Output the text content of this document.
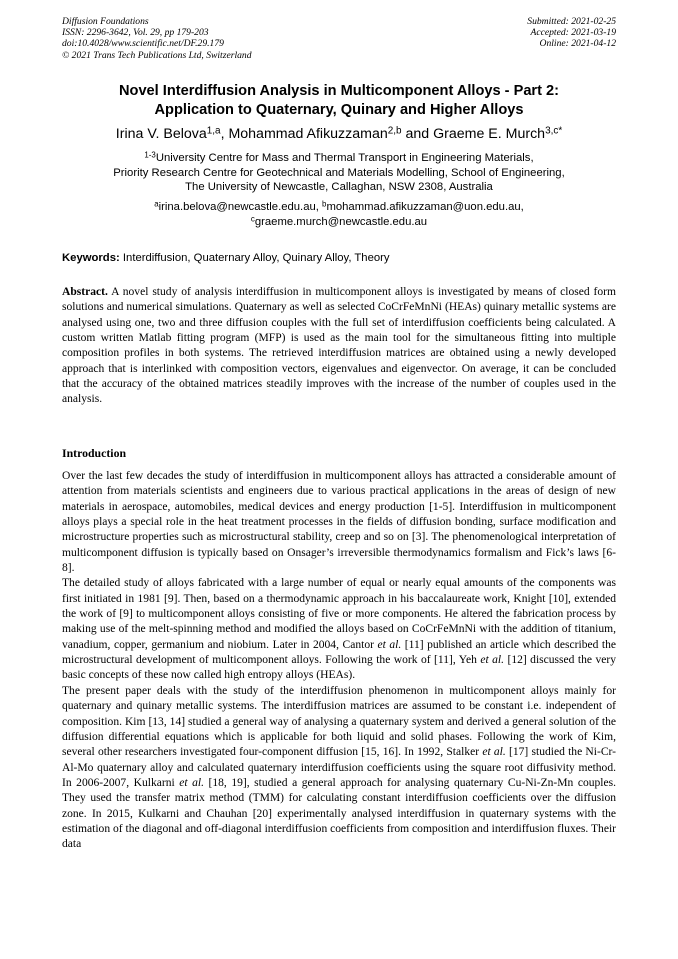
Diffusion Foundations
ISSN: 2296-3642, Vol. 29, pp 179-203
doi:10.4028/www.scientific.net/DF.29.179
© 2021 Trans Tech Publications Ltd, Switzerland
Submitted: 2021-02-25
Accepted: 2021-03-19
Online: 2021-04-12
Novel Interdiffusion Analysis in Multicomponent Alloys - Part 2:
Application to Quaternary, Quinary and Higher Alloys
Irina V. Belova$^{1,a}$, Mohammad Afikuzzaman$^{2,b}$ and Graeme E. Murch$^{3,c*}$
$^{1-3}$University Centre for Mass and Thermal Transport in Engineering Materials,
Priority Research Centre for Geotechnical and Materials Modelling, School of Engineering,
The University of Newcastle, Callaghan, NSW 2308, Australia
$^a$irina.belova@newcastle.edu.au, $^b$mohammad.afikuzzaman@uon.edu.au,
$^c$graeme.murch@newcastle.edu.au
Keywords: Interdiffusion, Quaternary Alloy, Quinary Alloy, Theory
Abstract. A novel study of analysis interdiffusion in multicomponent alloys is investigated by means of closed form solutions and numerical simulations. Quaternary as well as selected CoCrFeMnNi (HEAs) quinary metallic systems are analysed using one, two and three diffusion couples with the full set of interdiffusion coefficients being calculated. A custom written Matlab fitting program (MFP) is used as the main tool for the simultaneous fitting into multiple composition profiles in both systems. The retrieved interdiffusion matrices are obtained using a newly developed approach that is interlinked with composition vectors, eigenvalues and eigenvector. On average, it can be concluded that the accuracy of the obtained matrices steadily improves with the increase of the number of couples used in the analysis.
Introduction

Over the last few decades the study of interdiffusion in multicomponent alloys has attracted a considerable amount of attention from materials scientists and engineers due to various practical applications in the areas of design of new materials in aerospace, automobiles, medical devices and energy production [1-5]. Interdiffusion in multicomponent alloys plays a special role in the heat treatment processes in the fields of diffusion bonding, surface modification and microstructure properties such as microstructural stability, creep and so on [3]. The phenomenological interpretation of multicomponent diffusion is typically based on Onsager’s irreversible thermodynamics formalism and Fick’s laws [6-8].

The detailed study of alloys fabricated with a large number of equal or nearly equal amounts of the components was first initiated in 1981 [9]. Then, based on a thermodynamic approach in his baccalaureate work, Knight [10], extended the work of [9] to multicomponent alloys consisting of five or more components. He altered the fabrication process by making use of the melt-spinning method and modified the alloys based on CoCrFeMnNi with the addition of titanium, vanadium, copper, germanium and niobium. Later in 2004, Cantor et al. [11] published an article which described the microstructural development of multicomponent alloys. Following the work of [11], Yeh et al. [12] discussed the very basic concepts of these now called high entropy alloys (HEAs).

The present paper deals with the study of the interdiffusion phenomenon in multicomponent alloys mainly for quaternary and quinary metallic systems. The interdiffusion matrices are assumed to be constant i.e. independent of composition. Kim [13, 14] studied a general way of analysing a quaternary system and derived a general solution of the diffusion differential equations which is applicable for both liquid and solid phases. Following the work of Kim, several other researchers investigated four-component diffusion [15, 16]. In 1992, Stalker et al. [17] studied the Ni-Cr-Al-Mo quaternary alloy and calculated quaternary interdiffusion coefficients using the square root diffusivity method. In 2006-2007, Kulkarni et al. [18, 19], studied a general approach for analysing quaternary Cu-Ni-Zn-Mn couples. They used the transfer matrix method (TMM) for calculating constant interdiffusion coefficients over the diffusion zone. In 2015, Kulkarni and Chauhan [20] experimentally analysed interdiffusion in quaternary systems with the estimation of the diagonal and off-diagonal interdiffusion coefficients from composition and interdiffusion fluxes. Their data
